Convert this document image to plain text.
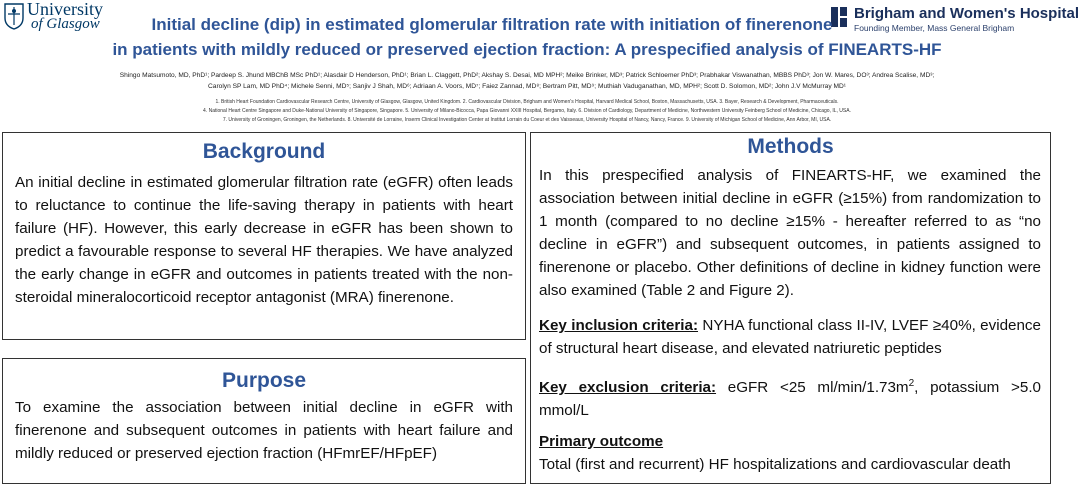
University
of Glasgow
Brigham and Women's Hospital
Founding Member, Mass General Brigham
Initial decline (dip) in estimated glomerular filtration rate with initiation of finerenone
in patients with mildly reduced or preserved ejection fraction: A prespecified analysis of FINEARTS-HF
Shingo Matsumoto, MD, PhD¹; Pardeep S. Jhund MBChB MSc PhD¹; Alasdair D Henderson, PhD¹; Brian L. Claggett, PhD²; Akshay S. Desai, MD MPH²; Meike Brinker, MD³; Patrick Schloemer PhD³; Prabhakar Viswanathan, MBBS PhD³; Jon W. Mares, DO³; Andrea Scalise, MD³;
Carolyn SP Lam, MD PhD⁴; Michele Senni, MD⁵; Sanjiv J Shah, MD⁶; Adriaan A. Voors, MD⁷; Faiez Zannad, MD⁸; Bertram Pitt, MD⁹; Muthiah Vaduganathan, MD, MPH²; Scott D. Solomon, MD²; John J.V McMurray MD¹
1. British Heart Foundation Cardiovascular Research Centre, University of Glasgow, Glasgow, United Kingdom. 2. Cardiovascular Division, Brigham and Women's Hospital, Harvard Medical School, Boston, Massachusetts, USA. 3. Bayer, Research & Development, Pharmaceuticals.
4. National Heart Centre Singapore and Duke-National University of Singapore, Singapore. 5. University of Milano-Bicocca, Papa Giovanni XXIII Hospital, Bergamo, Italy. 6. Division of Cardiology, Department of Medicine, Northwestern University Feinberg School of Medicine, Chicago, IL, USA.
7. University of Groningen, Groningen, the Netherlands. 8. Université de Lorraine, Inserm Clinical Investigation Center at Institut Lorrain du Coeur et des Vaisseaux, University Hospital of Nancy, Nancy, France. 9. University of Michigan School of Medicine, Ann Arbor, MI, USA.
Background
An initial decline in estimated glomerular filtration rate (eGFR) often leads to reluctance to continue the life-saving therapy in patients with heart failure (HF). However, this early decrease in eGFR has been shown to predict a favourable response to several HF therapies. We have analyzed the early change in eGFR and outcomes in patients treated with the non-steroidal mineralocorticoid receptor antagonist (MRA) finerenone.
Purpose
To examine the association between initial decline in eGFR with finerenone and subsequent outcomes in patients with heart failure and mildly reduced or preserved ejection fraction (HFmrEF/HFpEF)
Methods
In this prespecified analysis of FINEARTS-HF, we examined the association between initial decline in eGFR (≥15%) from randomization to 1 month (compared to no decline ≥15% - hereafter referred to as “no decline in eGFR”) and subsequent outcomes, in patients assigned to finerenone or placebo. Other definitions of decline in kidney function were also examined (Table 2 and Figure 2).
Key inclusion criteria: NYHA functional class II-IV, LVEF ≥40%, evidence of structural heart disease, and elevated natriuretic peptides
Key exclusion criteria: eGFR <25 $ml/\min/1.73m^2$, potassium >5.0 mmol/L
Primary outcome
Total (first and recurrent) HF hospitalizations and cardiovascular death
